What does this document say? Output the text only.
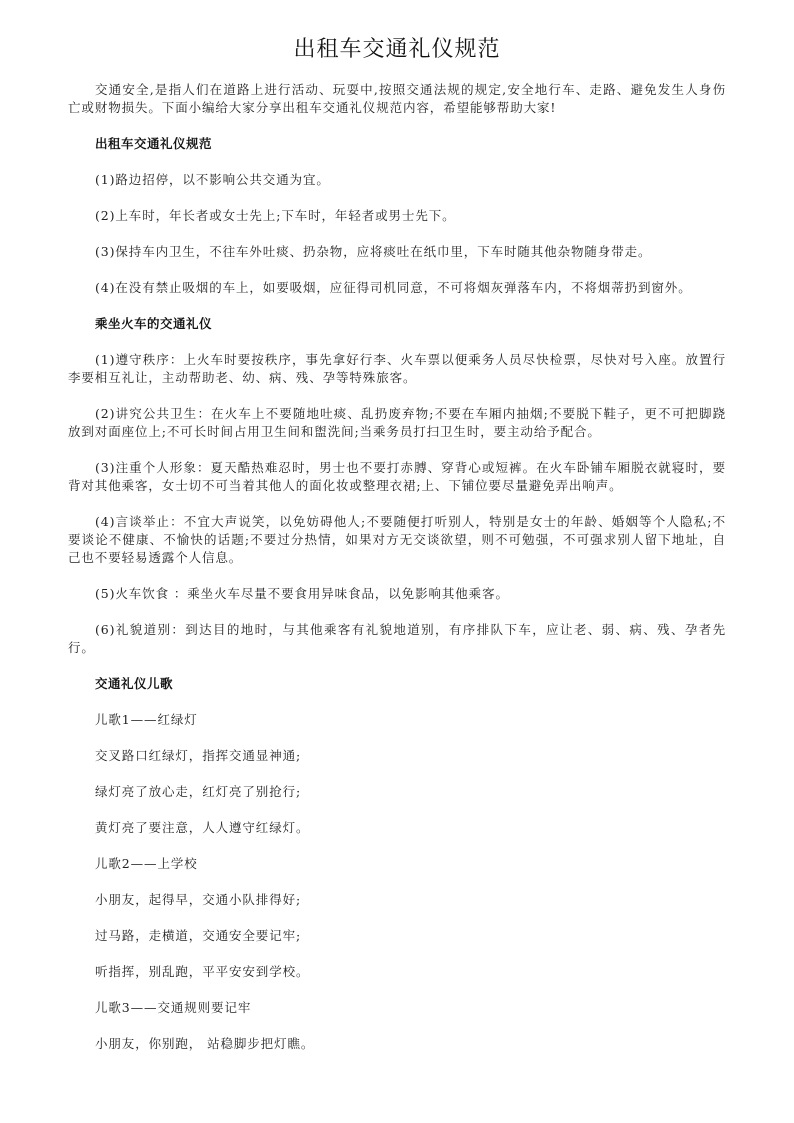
出租车交通礼仪规范

交通安全,是指人们在道路上进行活动、玩耍中,按照交通法规的规定,安全地行车、走路、避免发生人身伤亡或财物损失。下面小编给大家分享出租车交通礼仪规范内容，希望能够帮助大家!

出租车交通礼仪规范

(1)路边招停，以不影响公共交通为宜。

(2)上车时，年长者或女士先上;下车时，年轻者或男士先下。

(3)保持车内卫生，不往车外吐痰、扔杂物，应将痰吐在纸巾里，下车时随其他杂物随身带走。

(4)在没有禁止吸烟的车上，如要吸烟，应征得司机同意，不可将烟灰弹落车内，不将烟蒂扔到窗外。

乘坐火车的交通礼仪

(1)遵守秩序：上火车时要按秩序，事先拿好行李、火车票以便乘务人员尽快检票，尽快对号入座。放置行李要相互礼让，主动帮助老、幼、病、残、孕等特殊旅客。

(2)讲究公共卫生：在火车上不要随地吐痰、乱扔废弃物;不要在车厢内抽烟;不要脱下鞋子，更不可把脚跷放到对面座位上;不可长时间占用卫生间和盥洗间;当乘务员打扫卫生时，要主动给予配合。

(3)注重个人形象：夏天酷热难忍时，男士也不要打赤膊、穿背心或短裤。在火车卧铺车厢脱衣就寝时，要背对其他乘客，女士切不可当着其他人的面化妆或整理衣裙;上、下铺位要尽量避免弄出响声。

(4)言谈举止：不宜大声说笑，以免妨碍他人;不要随便打听别人，特别是女士的年龄、婚姻等个人隐私;不要谈论不健康、不愉快的话题;不要过分热情，如果对方无交谈欲望，则不可勉强，不可强求别人留下地址，自己也不要轻易透露个人信息。

(5)火车饮食 ：乘坐火车尽量不要食用异味食品，以免影响其他乘客。

(6)礼貌道别：到达目的地时，与其他乘客有礼貌地道别，有序排队下车，应让老、弱、病、残、孕者先行。

交通礼仪儿歌

儿歌1——红绿灯

交叉路口红绿灯，指挥交通显神通;

绿灯亮了放心走，红灯亮了别抢行;

黄灯亮了要注意，人人遵守红绿灯。

儿歌2——上学校

小朋友，起得早，交通小队排得好;

过马路，走横道，交通安全要记牢;

听指挥，别乱跑，平平安安到学校。

儿歌3——交通规则要记牢

小朋友，你别跑， 站稳脚步把灯瞧。
